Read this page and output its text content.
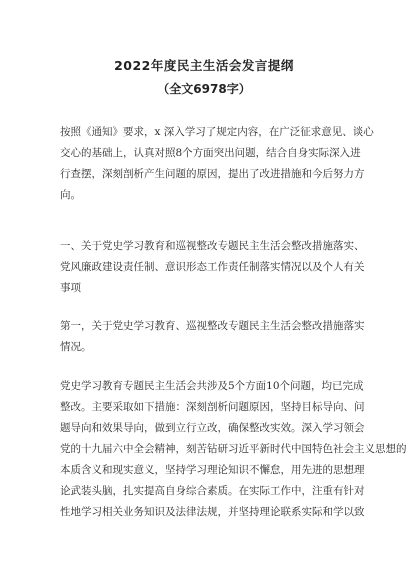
2022年度民主生活会发言提纲
（全文6978字）
按照《通知》要求，x 深入学习了规定内容，在广泛征求意见、谈心
交心的基础上，认真对照8个方面突出问题，结合自身实际深入进
行查摆，深刻剖析产生问题的原因，提出了改进措施和今后努力方
向。
一、关于党史学习教育和巡视整改专题民主生活会整改措施落实、
党风廉政建设责任制、意识形态工作责任制落实情况以及个人有关
事项
第一，关于党史学习教育、巡视整改专题民主生活会整改措施落实
情况。
党史学习教育专题民主生活会共涉及5个方面10个问题，均已完成
整改。主要采取如下措施：深刻剖析问题原因，坚持目标导向、问
题导向和效果导向，做到立行立改，确保整改实效。深入学习领会
党的十九届六中全会精神，刻苦钻研习近平新时代中国特色社会主义思想的
本质含义和现实意义，坚持学习理论知识不懈怠，用先进的思想理
论武装头脑，扎实提高自身综合素质。在实际工作中，注重有针对
性地学习相关业务知识及法律法规，并坚持理论联系实际和学以致
